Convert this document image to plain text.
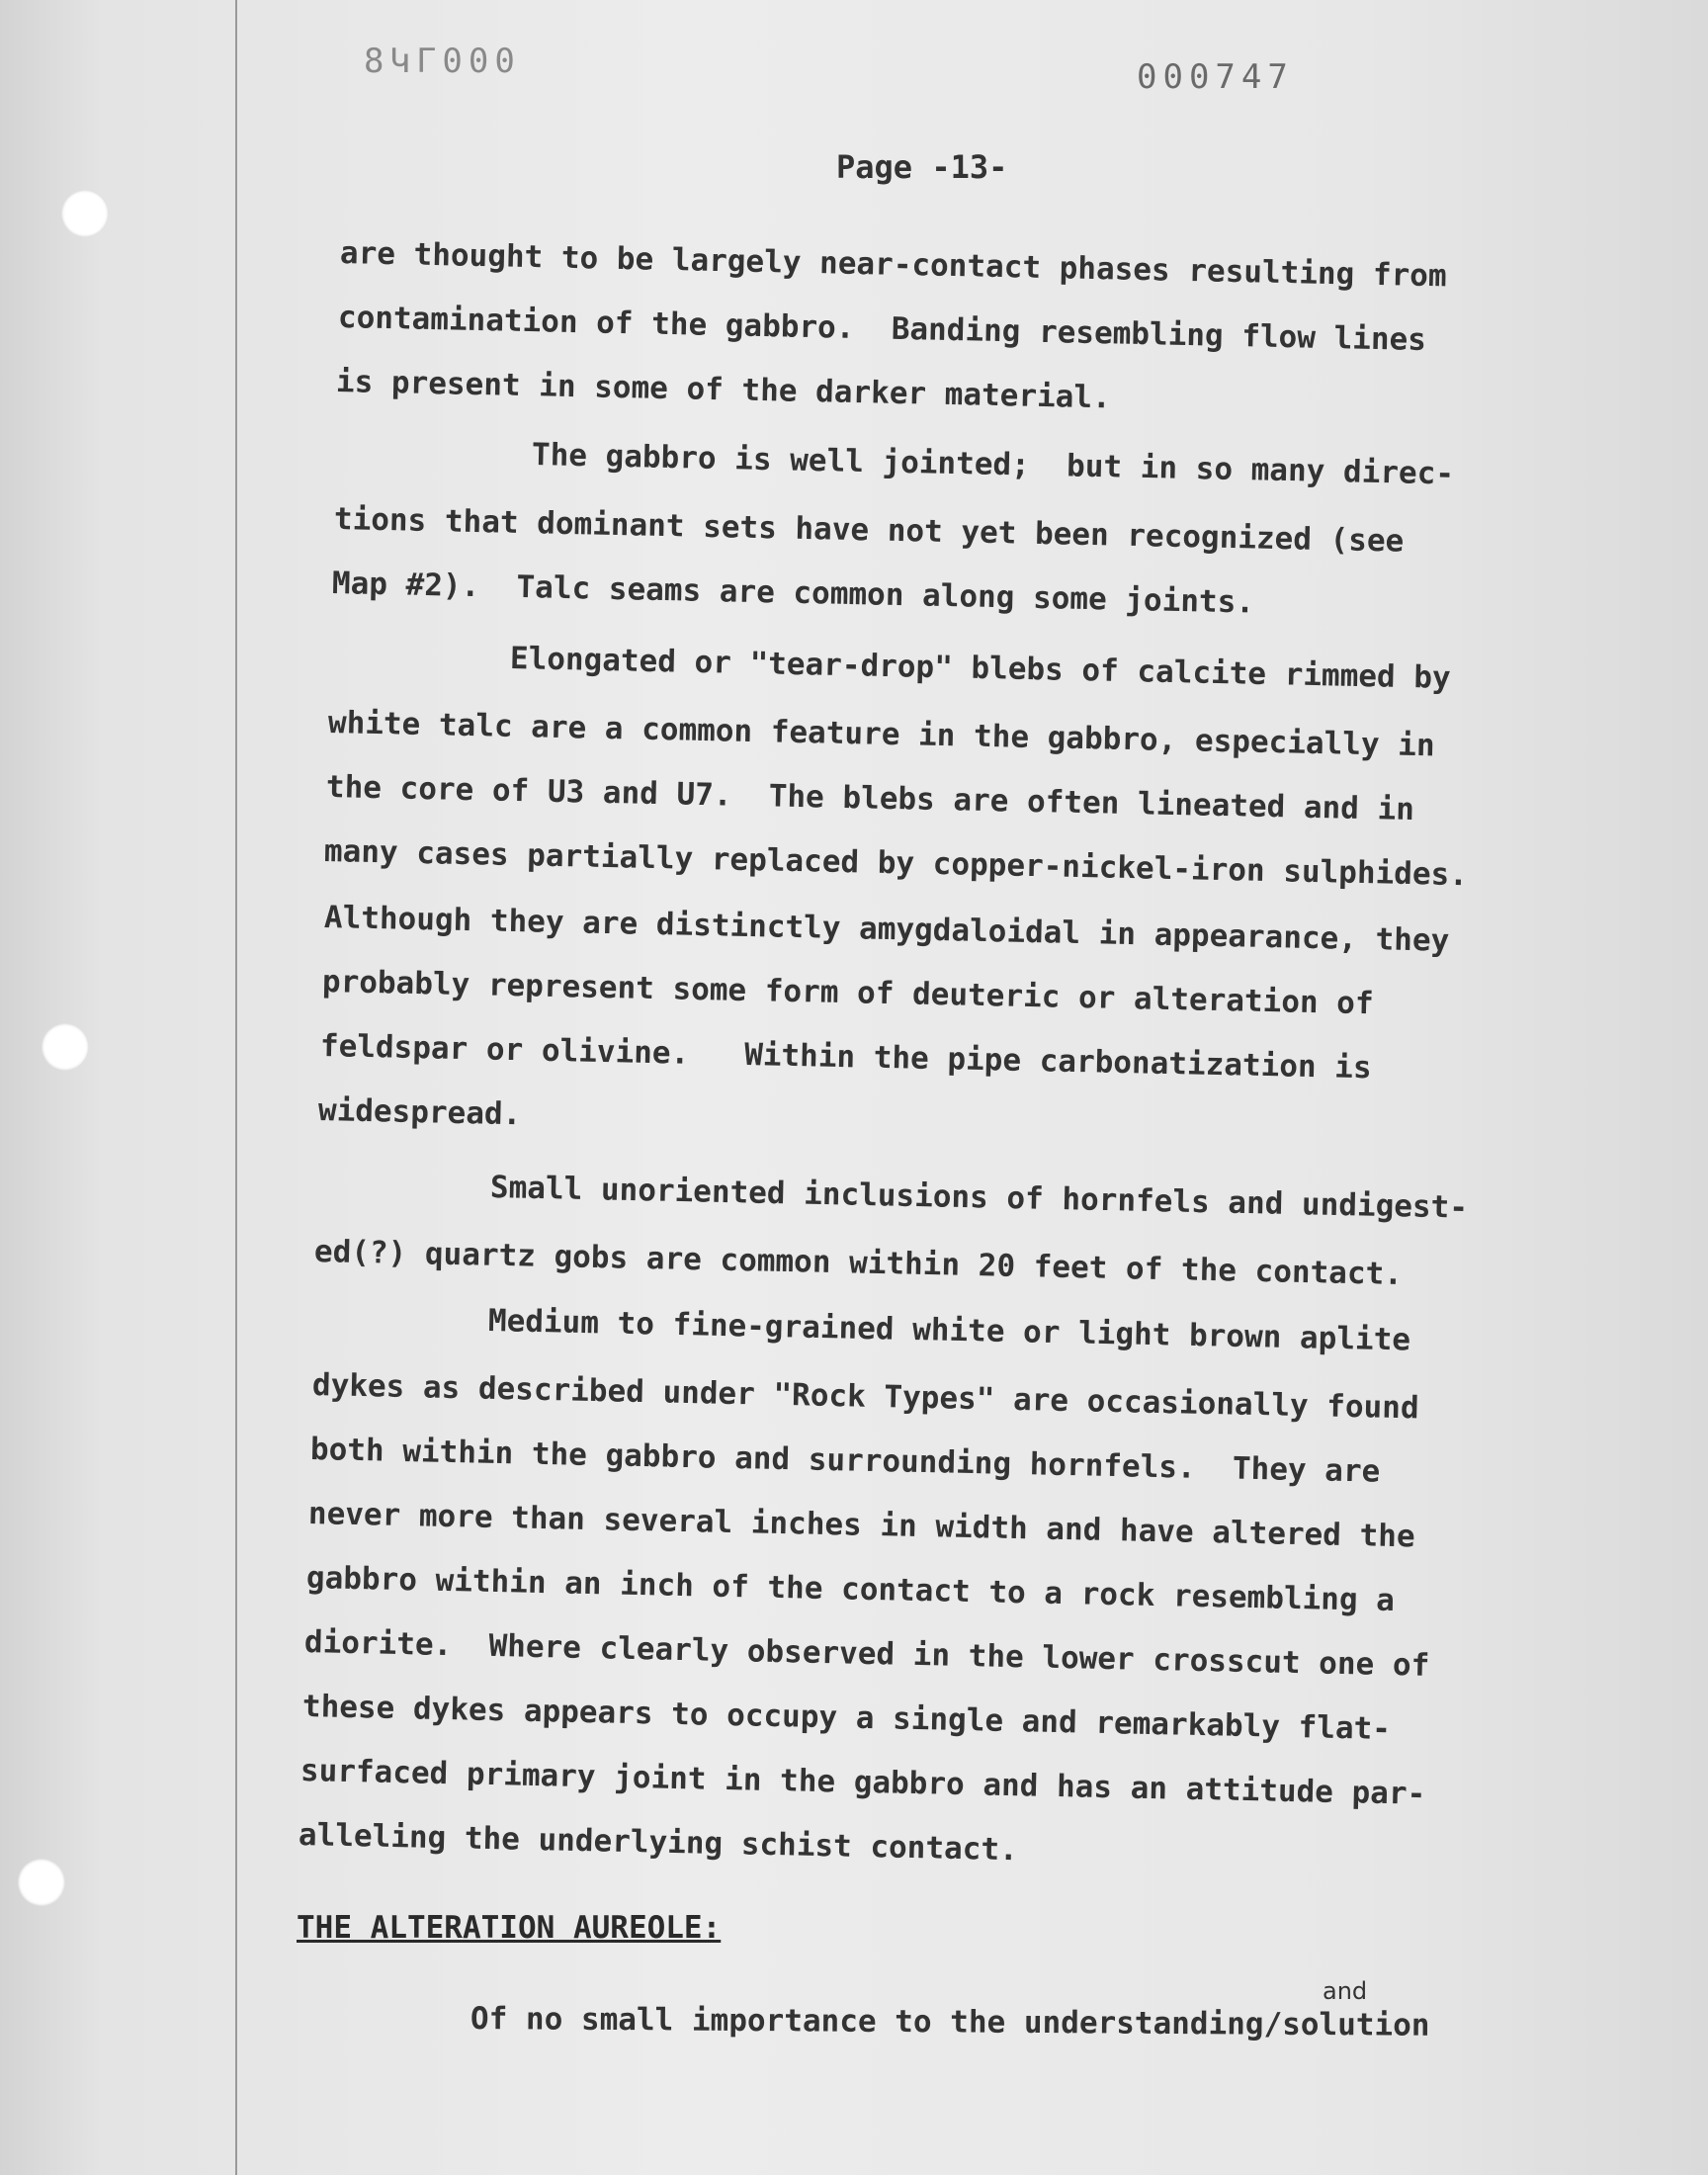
8ԿΓ000	000747
Page -13-
are thought to be largely near-contact phases resulting from
contamination of the gabbro.  Banding resembling flow lines
is present in some of the darker material.
The gabbro is well jointed;  but in so many direc-
tions that dominant sets have not yet been recognized (see
Map #2).  Talc seams are common along some joints.
Elongated or "tear-drop" blebs of calcite rimmed by
white talc are a common feature in the gabbro, especially in
the core of U3 and U7.  The blebs are often lineated and in
many cases partially replaced by copper-nickel-iron sulphides.
Although they are distinctly amygdaloidal in appearance, they
probably represent some form of deuteric or alteration of
feldspar or olivine.   Within the pipe carbonatization is
widespread.
Small unoriented inclusions of hornfels and undigest-
ed(?) quartz gobs are common within 20 feet of the contact.
Medium to fine-grained white or light brown aplite
dykes as described under "Rock Types" are occasionally found
both within the gabbro and surrounding hornfels.  They are
never more than several inches in width and have altered the
gabbro within an inch of the contact to a rock resembling a
diorite.  Where clearly observed in the lower crosscut one of
these dykes appears to occupy a single and remarkably flat-
surfaced primary joint in the gabbro and has an attitude par-
alleling the underlying schist contact.
THE ALTERATION AUREOLE:
and
Of no small importance to the understanding/solution
